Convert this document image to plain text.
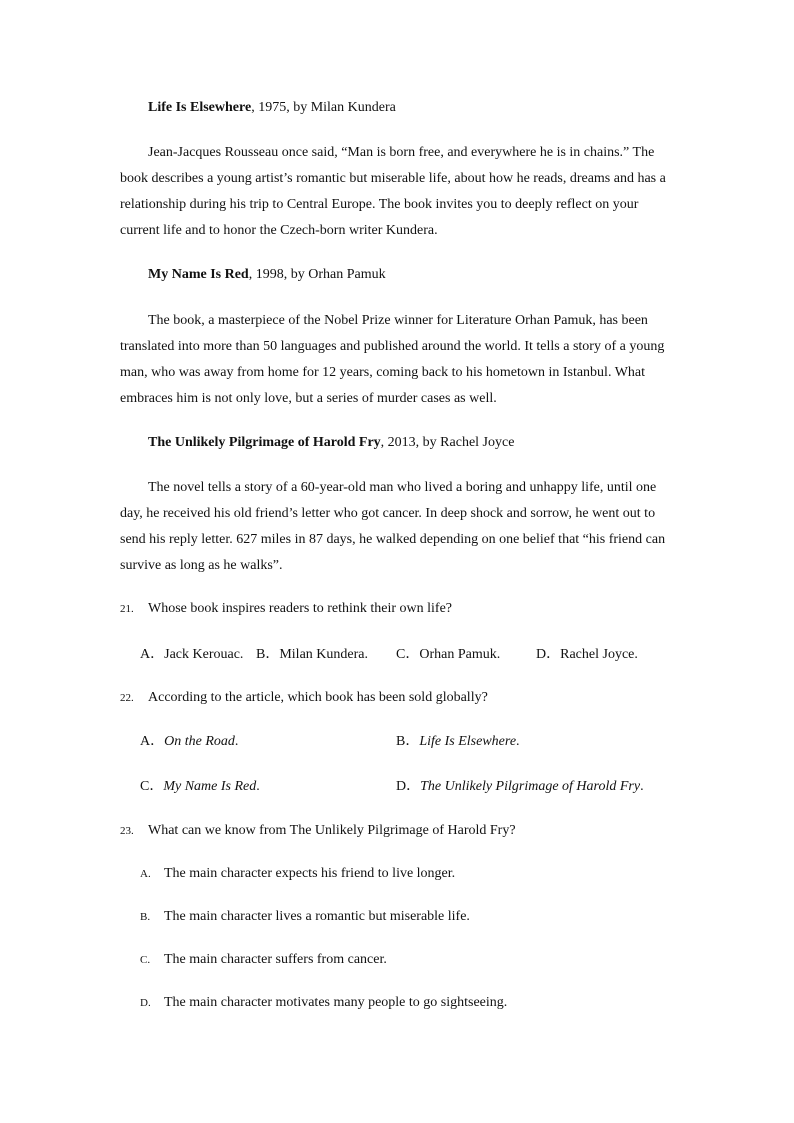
Life Is Elsewhere, 1975, by Milan Kundera
Jean-Jacques Rousseau once said, “Man is born free, and everywhere he is in chains.” The
book describes a young artist’s romantic but miserable life, about how he reads, dreams and has a
relationship during his trip to Central Europe. The book invites you to deeply reflect on your
current life and to honor the Czech-born writer Kundera.
My Name Is Red, 1998, by Orhan Pamuk
The book, a masterpiece of the Nobel Prize winner for Literature Orhan Pamuk, has been
translated into more than 50 languages and published around the world. It tells a story of a young
man, who was away from home for 12 years, coming back to his hometown in Istanbul. What
embraces him is not only love, but a series of murder cases as well.
The Unlikely Pilgrimage of Harold Fry, 2013, by Rachel Joyce
The novel tells a story of a 60-year-old man who lived a boring and unhappy life, until one
day, he received his old friend’s letter who got cancer. In deep shock and sorrow, he went out to
send his reply letter. 627 miles in 87 days, he walked depending on one belief that “his friend can
survive as long as he walks”.
21. Whose book inspires readers to rethink their own life?
A．Jack Kerouac. B．Milan Kundera. C．Orhan Pamuk.	D．Rachel Joyce.
22. According to the article, which book has been sold globally?
A．On the Road.	B．Life Is Elsewhere.
C．My Name Is Red.	D．The Unlikely Pilgrimage of Harold Fry.
23. What can we know from The Unlikely Pilgrimage of Harold Fry?
A. The main character expects his friend to live longer.
B. The main character lives a romantic but miserable life.
C. The main character suffers from cancer.
D. The main character motivates many people to go sightseeing.
